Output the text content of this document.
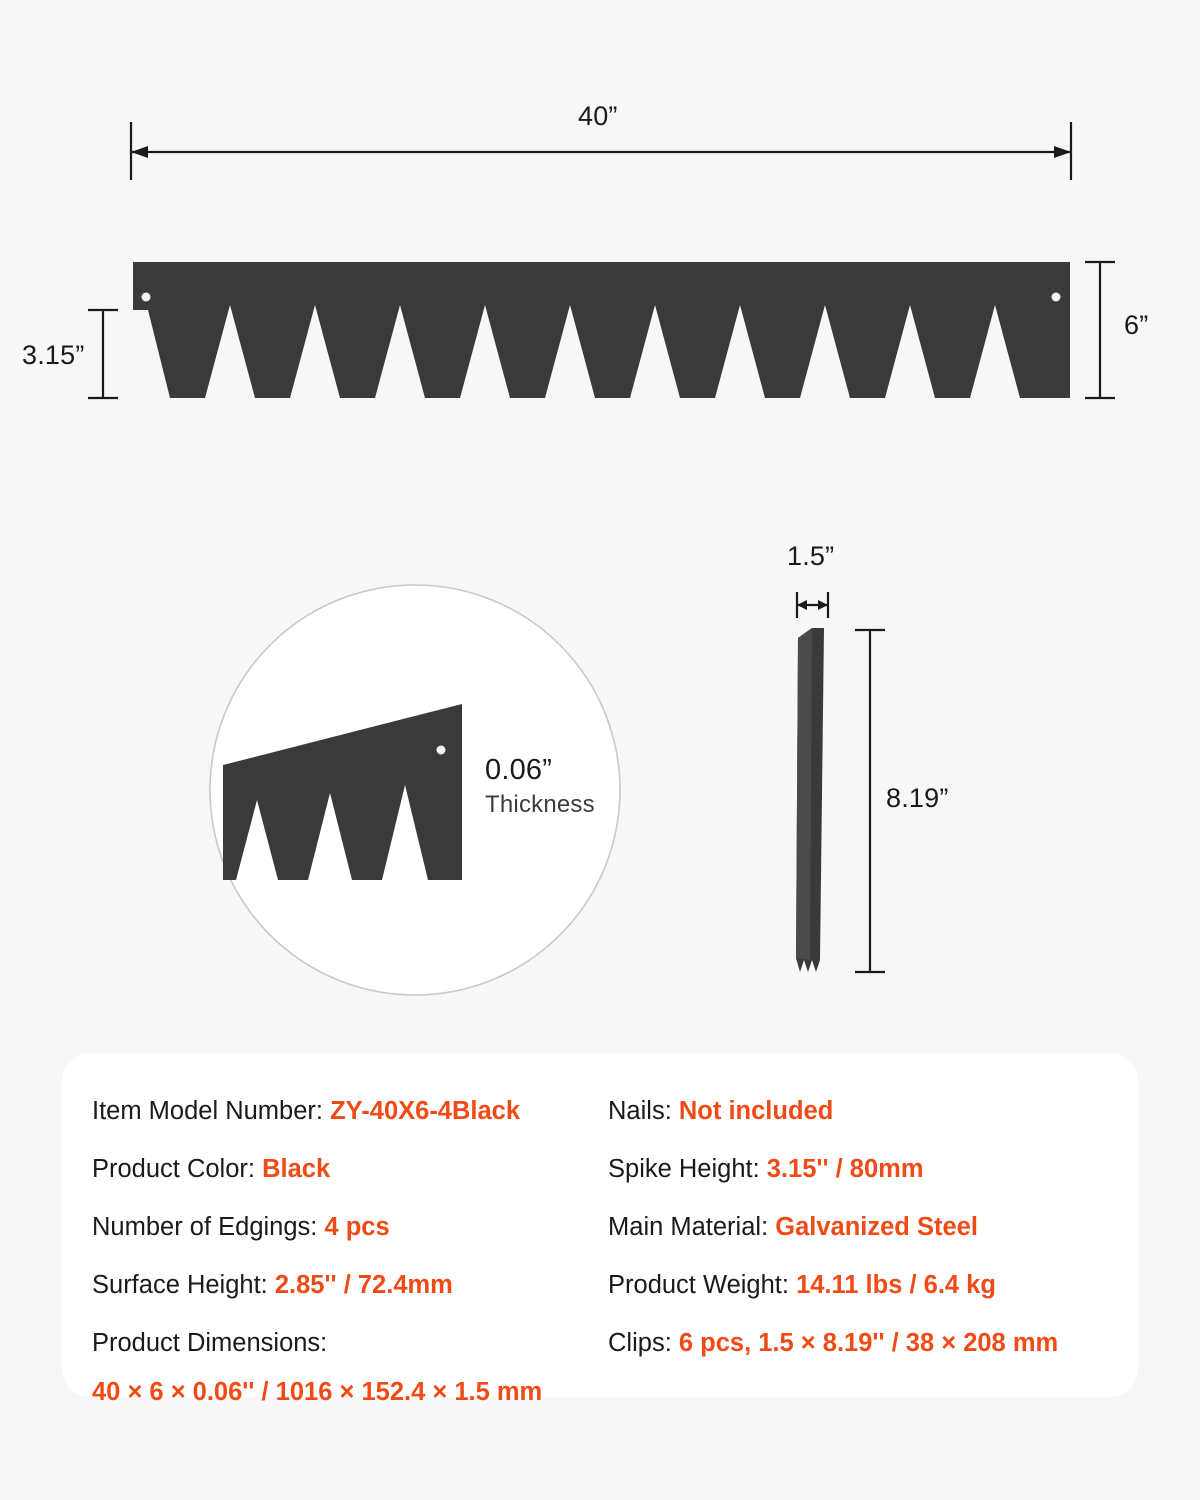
40”
3.15”
6”
0.06”
Thickness
1.5”
8.19”
Item Model Number: ZY-40X6-4Black	Nails: Not included
Product Color: Black	Spike Height: 3.15'' / 80mm
Number of Edgings: 4 pcs	Main Material: Galvanized Steel
Surface Height: 2.85'' / 72.4mm	Product Weight: 14.11 lbs / 6.4 kg
Product Dimensions:
40 × 6 × 0.06'' / 1016 × 152.4 × 1.5 mm
Clips: 6 pcs, 1.5 × 8.19'' / 38 × 208 mm
